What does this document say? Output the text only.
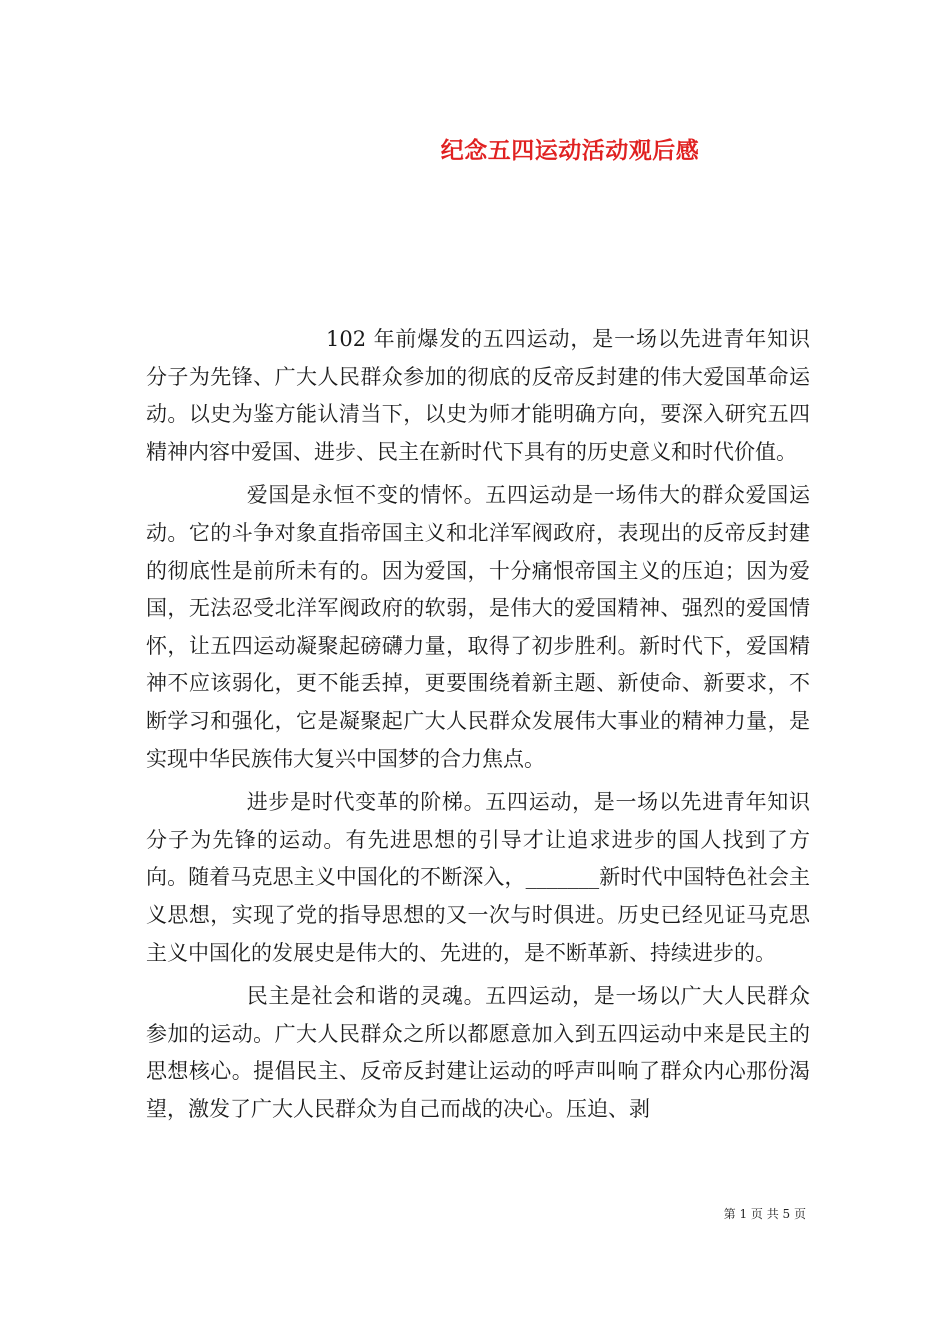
纪念五四运动活动观后感

102 年前爆发的五四运动，是一场以先进青年知识分子为先锋、广大人民群众参加的彻底的反帝反封建的伟大爱国革命运动。以史为鉴方能认清当下，以史为师才能明确方向，要深入研究五四精神内容中爱国、进步、民主在新时代下具有的历史意义和时代价值。

爱国是永恒不变的情怀。五四运动是一场伟大的群众爱国运动。它的斗争对象直指帝国主义和北洋军阀政府，表现出的反帝反封建的彻底性是前所未有的。因为爱国，十分痛恨帝国主义的压迫；因为爱国，无法忍受北洋军阀政府的软弱，是伟大的爱国精神、强烈的爱国情怀，让五四运动凝聚起磅礴力量，取得了初步胜利。新时代下，爱国精神不应该弱化，更不能丢掉，更要围绕着新主题、新使命、新要求，不断学习和强化，它是凝聚起广大人民群众发展伟大事业的精神力量，是实现中华民族伟大复兴中国梦的合力焦点。

进步是时代变革的阶梯。五四运动，是一场以先进青年知识分子为先锋的运动。有先进思想的引导才让追求进步的国人找到了方向。随着马克思主义中国化的不断深入，_______新时代中国特色社会主义思想，实现了党的指导思想的又一次与时俱进。历史已经见证马克思主义中国化的发展史是伟大的、先进的，是不断革新、持续进步的。

民主是社会和谐的灵魂。五四运动，是一场以广大人民群众参加的运动。广大人民群众之所以都愿意加入到五四运动中来是民主的思想核心。提倡民主、反帝反封建让运动的呼声叫响了群众内心那份渴望，激发了广大人民群众为自己而战的决心。压迫、剥

第 1 页 共 5 页
